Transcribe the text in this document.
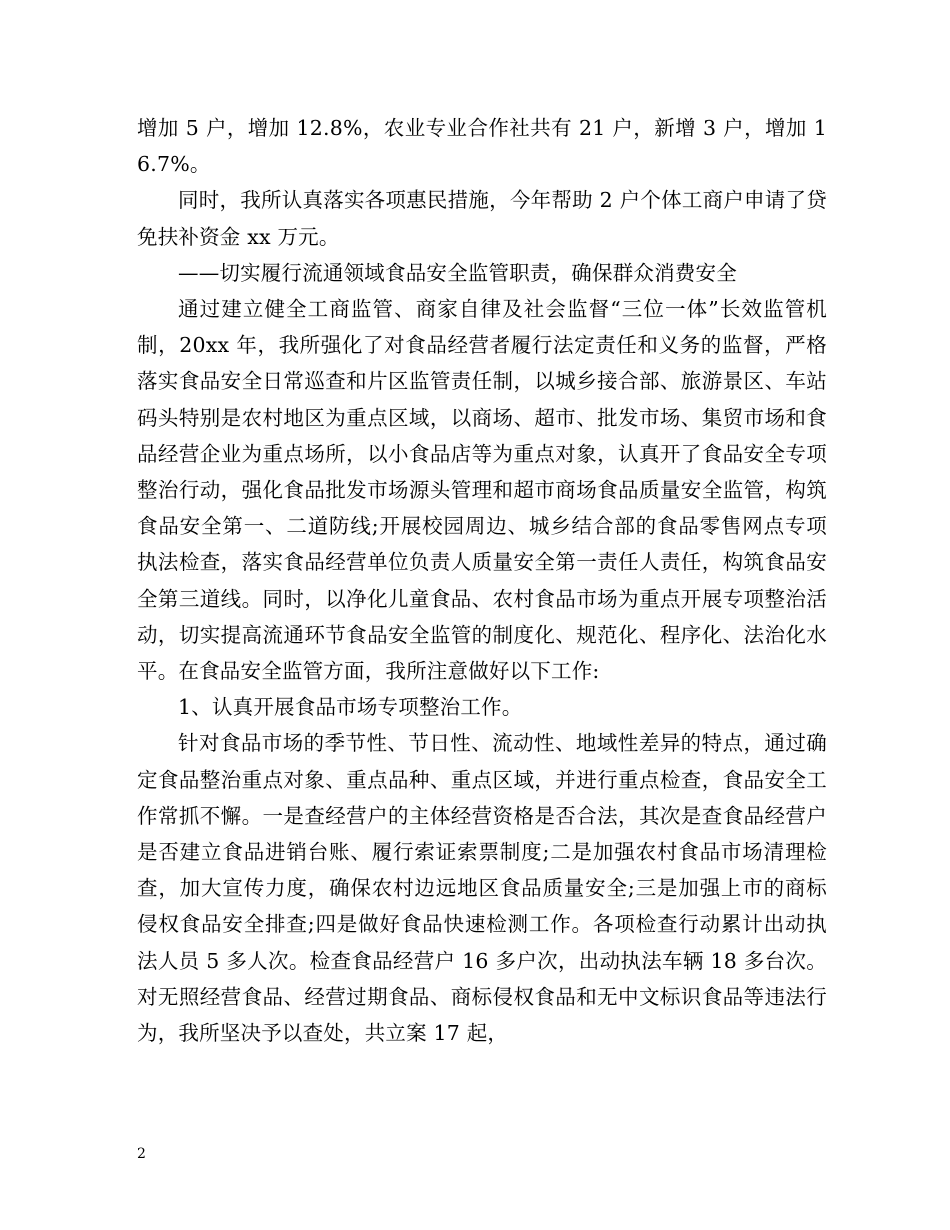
增加 5 户，增加 12.8%，农业专业合作社共有 21 户，新增 3 户，增加 16.7%。

同时，我所认真落实各项惠民措施，今年帮助 2 户个体工商户申请了贷免扶补资金 xx 万元。

——切实履行流通领域食品安全监管职责，确保群众消费安全

通过建立健全工商监管、商家自律及社会监督“三位一体”长效监管机制，20xx 年，我所强化了对食品经营者履行法定责任和义务的监督，严格落实食品安全日常巡查和片区监管责任制，以城乡接合部、旅游景区、车站码头特别是农村地区为重点区域，以商场、超市、批发市场、集贸市场和食品经营企业为重点场所，以小食品店等为重点对象，认真开了食品安全专项整治行动，强化食品批发市场源头管理和超市商场食品质量安全监管，构筑食品安全第一、二道防线;开展校园周边、城乡结合部的食品零售网点专项执法检查，落实食品经营单位负责人质量安全第一责任人责任，构筑食品安全第三道线。同时，以净化儿童食品、农村食品市场为重点开展专项整治活动，切实提高流通环节食品安全监管的制度化、规范化、程序化、法治化水平。在食品安全监管方面，我所注意做好以下工作:

1、认真开展食品市场专项整治工作。

针对食品市场的季节性、节日性、流动性、地域性差异的特点，通过确定食品整治重点对象、重点品种、重点区域，并进行重点检查，食品安全工作常抓不懈。一是查经营户的主体经营资格是否合法，其次是查食品经营户是否建立食品进销台账、履行索证索票制度;二是加强农村食品市场清理检查，加大宣传力度，确保农村边远地区食品质量安全;三是加强上市的商标侵权食品安全排查;四是做好食品快速检测工作。各项检查行动累计出动执法人员 5 多人次。检查食品经营户 16 多户次，出动执法车辆 18 多台次。对无照经营食品、经营过期食品、商标侵权食品和无中文标识食品等违法行为，我所坚决予以查处，共立案 17 起，

2
